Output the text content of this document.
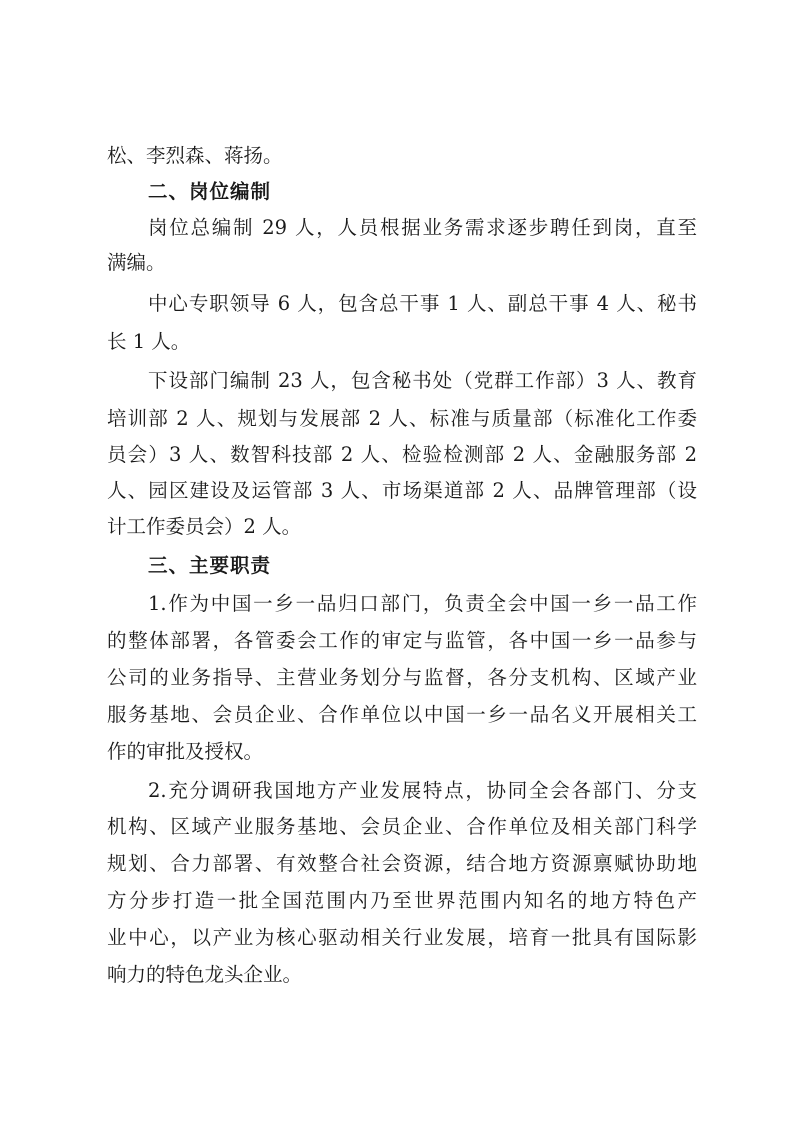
松、李烈森、蒋扬。
二、岗位编制
岗位总编制 29 人，人员根据业务需求逐步聘任到岗，直至
满编。
中心专职领导 6 人，包含总干事 1 人、副总干事 4 人、秘书
长 1 人。
下设部门编制 23 人，包含秘书处（党群工作部）3 人、教育
培训部 2 人、规划与发展部 2 人、标准与质量部（标准化工作委
员会）3 人、数智科技部 2 人、检验检测部 2 人、金融服务部 2
人、园区建设及运管部 3 人、市场渠道部 2 人、品牌管理部（设
计工作委员会）2 人。
三、主要职责
1.作为中国一乡一品归口部门，负责全会中国一乡一品工作
的整体部署，各管委会工作的审定与监管，各中国一乡一品参与
公司的业务指导、主营业务划分与监督，各分支机构、区域产业
服务基地、会员企业、合作单位以中国一乡一品名义开展相关工
作的审批及授权。
2.充分调研我国地方产业发展特点，协同全会各部门、分支
机构、区域产业服务基地、会员企业、合作单位及相关部门科学
规划、合力部署、有效整合社会资源，结合地方资源禀赋协助地
方分步打造一批全国范围内乃至世界范围内知名的地方特色产
业中心，以产业为核心驱动相关行业发展，培育一批具有国际影
响力的特色龙头企业。
